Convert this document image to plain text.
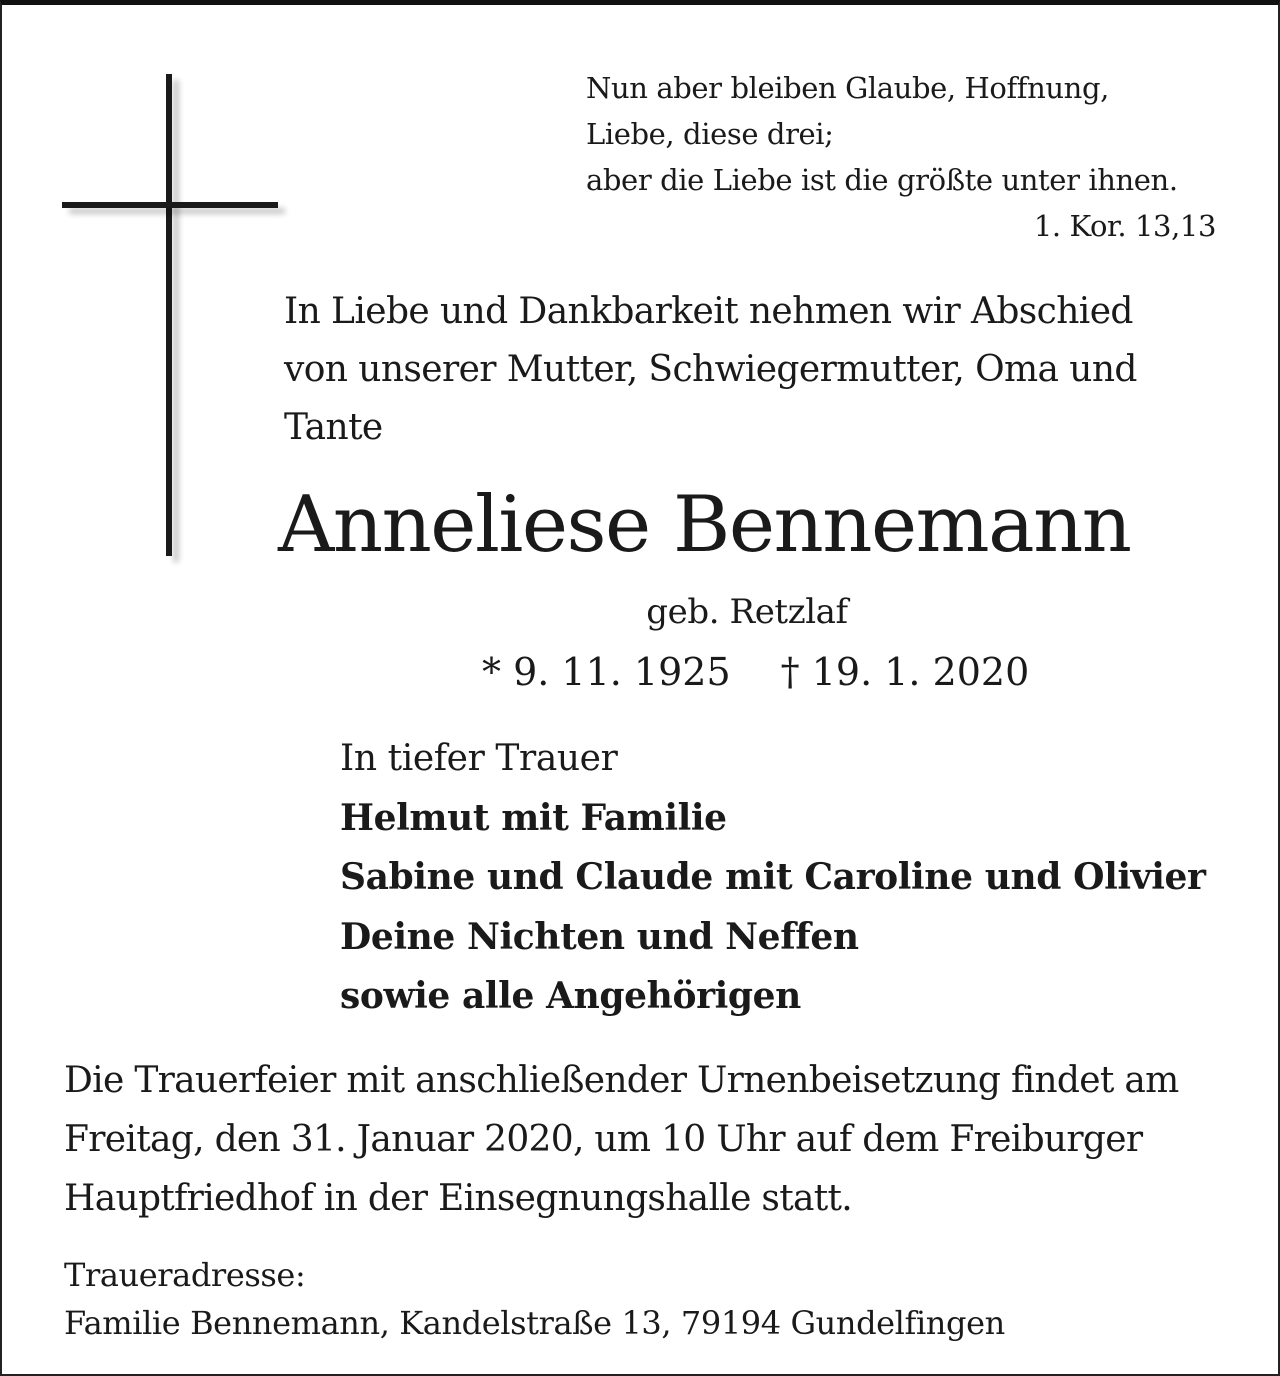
Nun aber bleiben Glaube, Hoffnung,
Liebe, diese drei;
aber die Liebe ist die größte unter ihnen.
1. Kor. 13,13
In Liebe und Dankbarkeit nehmen wir Abschied
von unserer Mutter, Schwiegermutter, Oma und
Tante
Anneliese Bennemann
geb. Retzlaf
* 9. 11. 1925 † 19. 1. 2020
In tiefer Trauer
Helmut mit Familie
Sabine und Claude mit Caroline und Olivier
Deine Nichten und Neffen
sowie alle Angehörigen
Die Trauerfeier mit anschließender Urnenbeisetzung findet am
Freitag, den 31. Januar 2020, um 10 Uhr auf dem Freiburger
Hauptfriedhof in der Einsegnungshalle statt.
Traueradresse:
Familie Bennemann, Kandelstraße 13, 79194 Gundelfingen
